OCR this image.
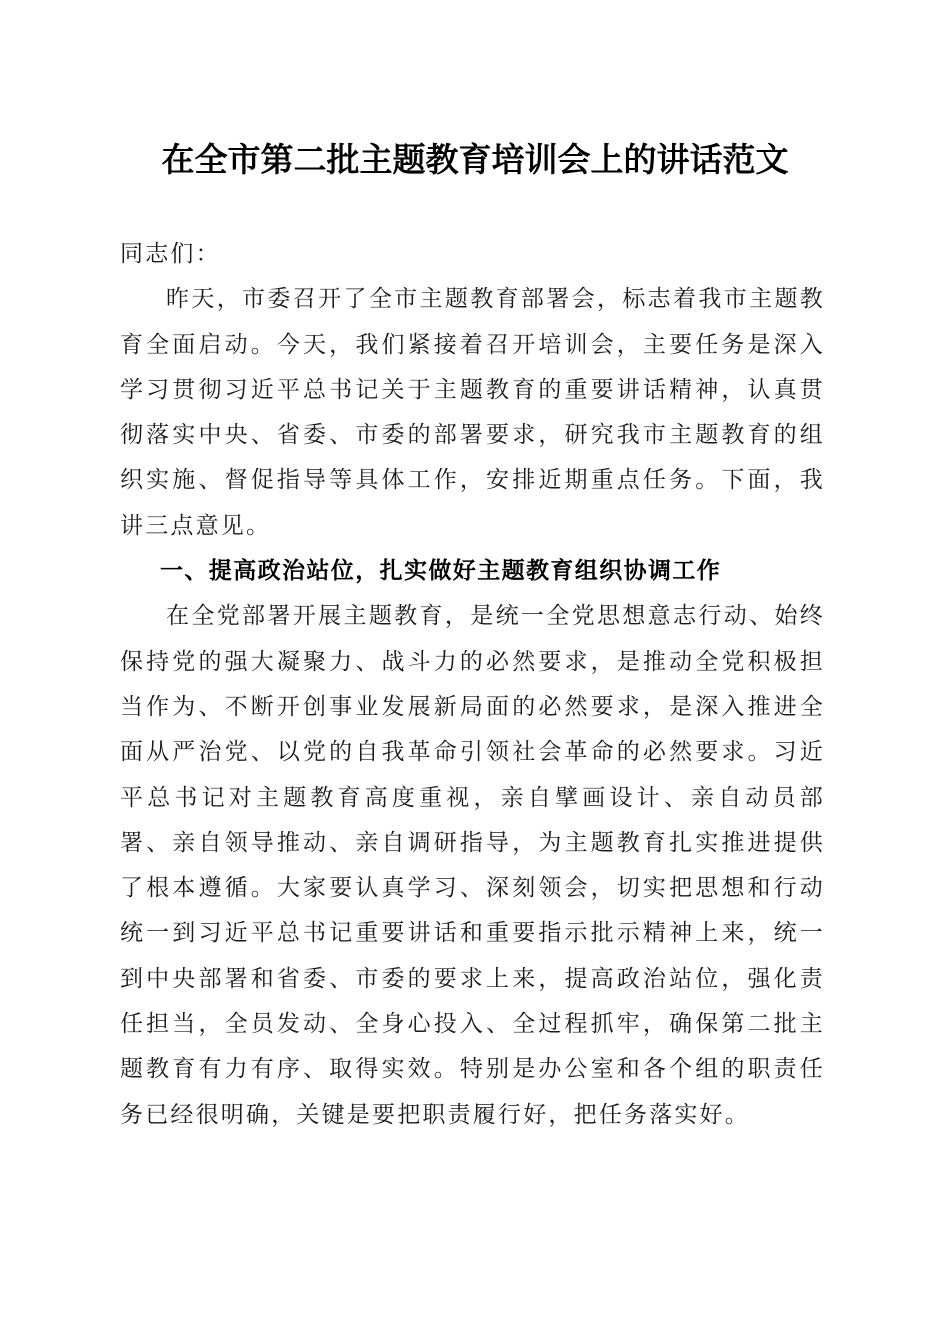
在全市第二批主题教育培训会上的讲话范文

同志们：

昨天，市委召开了全市主题教育部署会，标志着我市主题教育全面启动。今天，我们紧接着召开培训会，主要任务是深入学习贯彻习近平总书记关于主题教育的重要讲话精神，认真贯彻落实中央、省委、市委的部署要求，研究我市主题教育的组织实施、督促指导等具体工作，安排近期重点任务。下面，我讲三点意见。

一、提高政治站位，扎实做好主题教育组织协调工作

在全党部署开展主题教育，是统一全党思想意志行动、始终保持党的强大凝聚力、战斗力的必然要求，是推动全党积极担当作为、不断开创事业发展新局面的必然要求，是深入推进全面从严治党、以党的自我革命引领社会革命的必然要求。习近平总书记对主题教育高度重视，亲自擘画设计、亲自动员部署、亲自领导推动、亲自调研指导，为主题教育扎实推进提供了根本遵循。大家要认真学习、深刻领会，切实把思想和行动统一到习近平总书记重要讲话和重要指示批示精神上来，统一到中央部署和省委、市委的要求上来，提高政治站位，强化责任担当，全员发动、全身心投入、全过程抓牢，确保第二批主题教育有力有序、取得实效。特别是办公室和各个组的职责任务已经很明确，关键是要把职责履行好，把任务落实好。
